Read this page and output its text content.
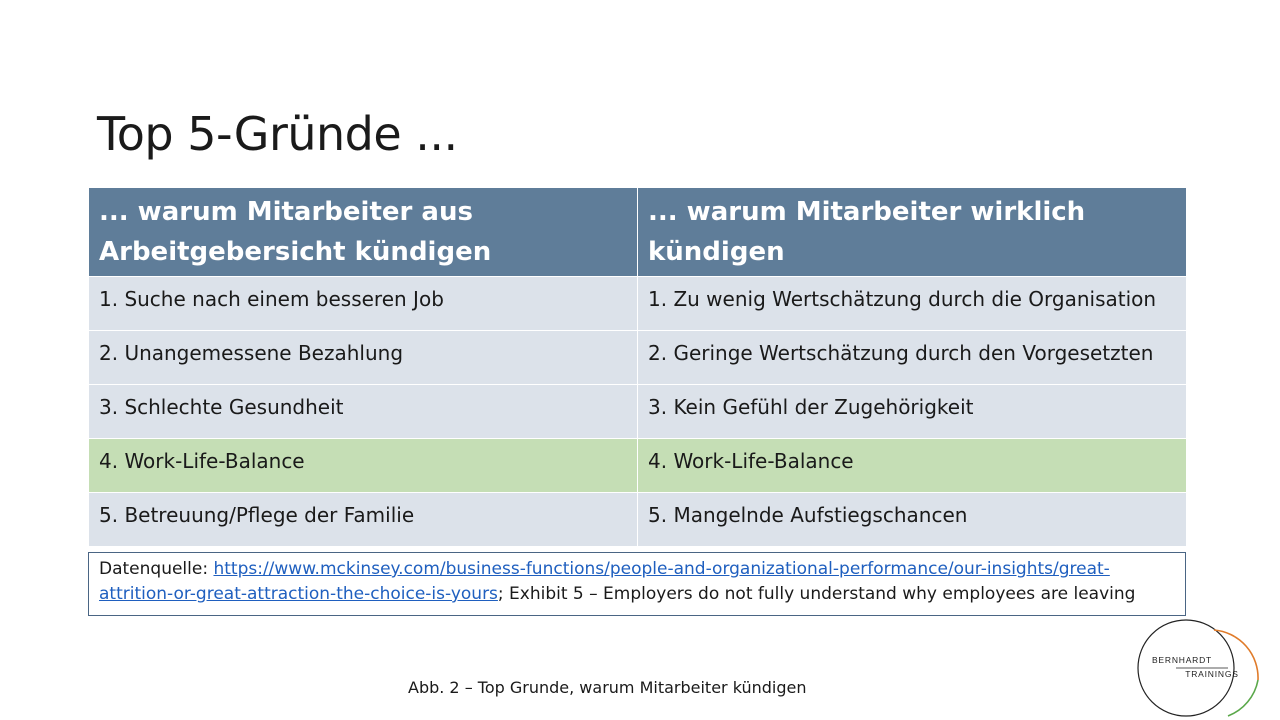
Top 5-Gründe ...
... warum Mitarbeiter aus Arbeitgebersicht kündigen	... warum Mitarbeiter wirklich kündigen
1. Suche nach einem besseren Job	1. Zu wenig Wertschätzung durch die Organisation
2. Unangemessene Bezahlung	2. Geringe Wertschätzung durch den Vorgesetzten
3. Schlechte Gesundheit	3. Kein Gefühl der Zugehörigkeit
4. Work-Life-Balance	4. Work-Life-Balance
5. Betreuung/Pflege der Familie	5. Mangelnde Aufstiegschancen
Datenquelle: https://www.mckinsey.com/business-functions/people-and-organizational-performance/our-insights/great-attrition-or-great-attraction-the-choice-is-yours; Exhibit 5 – Employers do not fully understand why employees are leaving
Abb. 2 – Top Grunde, warum Mitarbeiter kündigen
BERNHARDT
TRAININGS
